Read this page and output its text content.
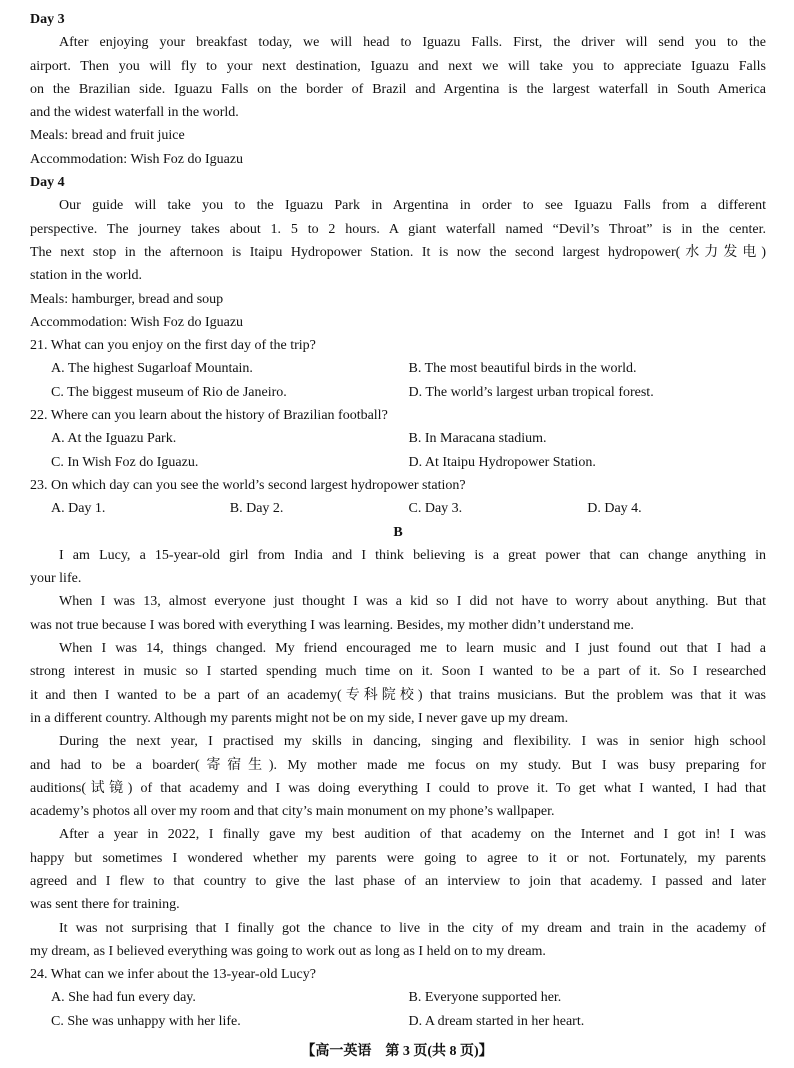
Day 3
After enjoying your breakfast today, we will head to Iguazu Falls. First, the driver will send you to the
airport. Then you will fly to your next destination, Iguazu and next we will take you to appreciate Iguazu Falls
on the Brazilian side. Iguazu Falls on the border of Brazil and Argentina is the largest waterfall in South America
and the widest waterfall in the world.
Meals: bread and fruit juice
Accommodation: Wish Foz do Iguazu
Day 4
Our guide will take you to the Iguazu Park in Argentina in order to see Iguazu Falls from a different
perspective. The journey takes about 1. 5 to 2 hours. A giant waterfall named “Devil’s Throat” is in the center.
The next stop in the afternoon is Itaipu Hydropower Station. It is now the second largest hydropower(水力发电)
station in the world.
Meals: hamburger, bread and soup
Accommodation: Wish Foz do Iguazu
21. What can you enjoy on the first day of the trip?
A. The highest Sugarloaf Mountain.	B. The most beautiful birds in the world.
C. The biggest museum of Rio de Janeiro.	D. The world’s largest urban tropical forest.
22. Where can you learn about the history of Brazilian football?
A. At the Iguazu Park.	B. In Maracana stadium.
C. In Wish Foz do Iguazu.	D. At Itaipu Hydropower Station.
23. On which day can you see the world’s second largest hydropower station?
A. Day 1.	B. Day 2.	C. Day 3.	D. Day 4.
B
I am Lucy, a 15-year-old girl from India and I think believing is a great power that can change anything in
your life.
When I was 13, almost everyone just thought I was a kid so I did not have to worry about anything. But that
was not true because I was bored with everything I was learning. Besides, my mother didn’t understand me.
When I was 14, things changed. My friend encouraged me to learn music and I just found out that I had a
strong interest in music so I started spending much time on it. Soon I wanted to be a part of it. So I researched
it and then I wanted to be a part of an academy(专科院校) that trains musicians. But the problem was that it was
in a different country. Although my parents might not be on my side, I never gave up my dream.
During the next year, I practised my skills in dancing, singing and flexibility. I was in senior high school
and had to be a boarder(寄宿生). My mother made me focus on my study. But I was busy preparing for
auditions(试镜) of that academy and I was doing everything I could to prove it. To get what I wanted, I had that
academy’s photos all over my room and that city’s main monument on my phone’s wallpaper.
After a year in 2022, I finally gave my best audition of that academy on the Internet and I got in! I was
happy but sometimes I wondered whether my parents were going to agree to it or not. Fortunately, my parents
agreed and I flew to that country to give the last phase of an interview to join that academy. I passed and later
was sent there for training.
It was not surprising that I finally got the chance to live in the city of my dream and train in the academy of
my dream, as I believed everything was going to work out as long as I held on to my dream.
24. What can we infer about the 13-year-old Lucy?
A. She had fun every day.	B. Everyone supported her.
C. She was unhappy with her life.	D. A dream started in her heart.
【高一英语　第 3 页(共 8 页)】
